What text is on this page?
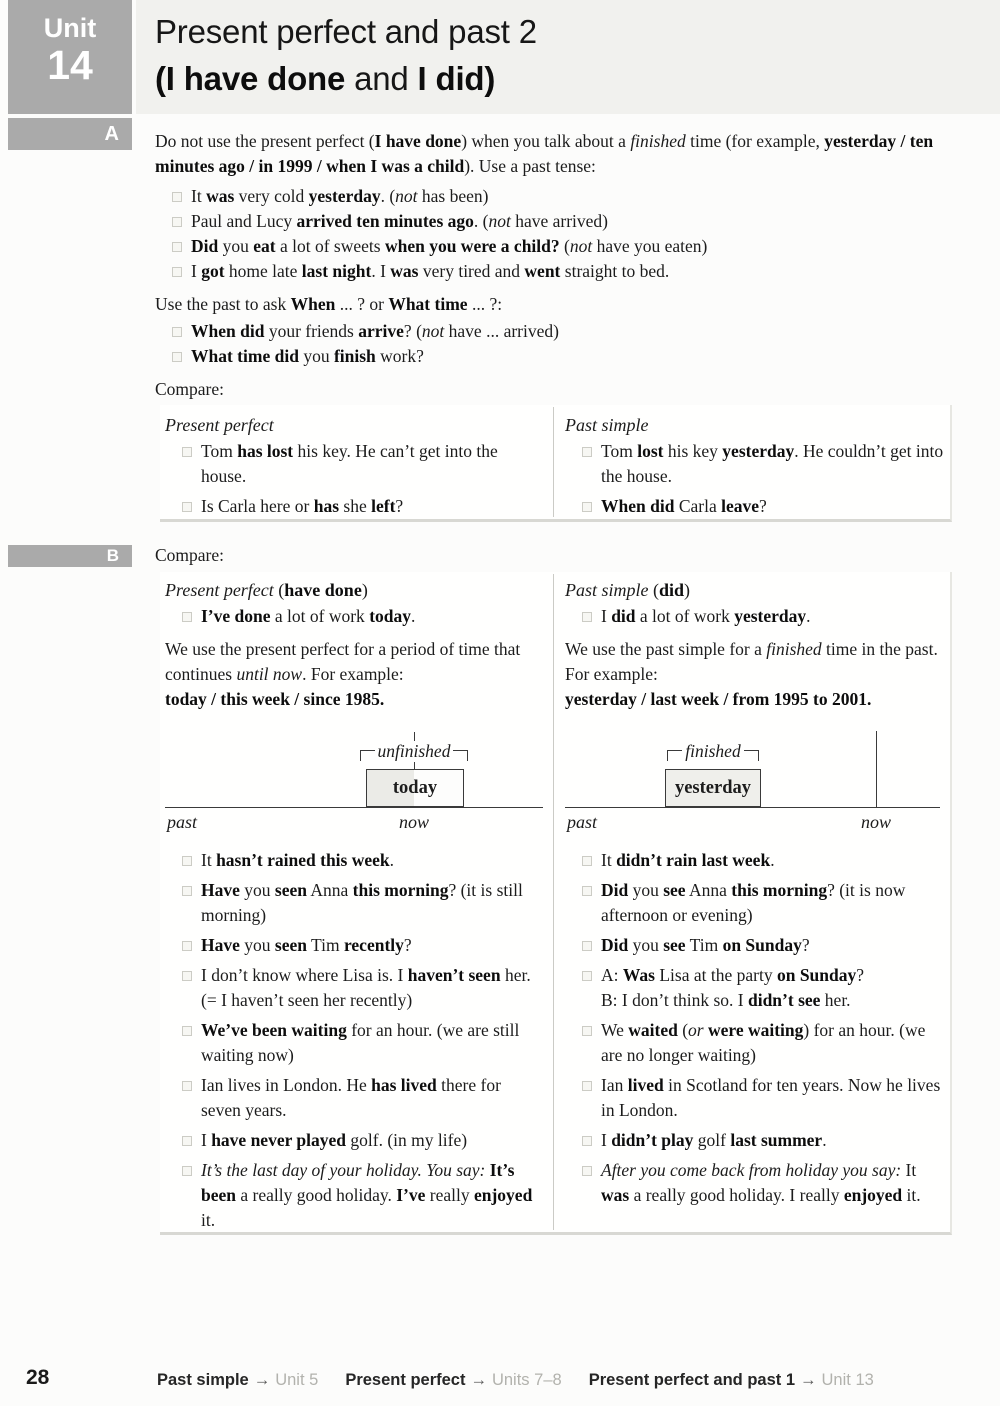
Unit
14
Present perfect and past 2
(I have done and I did)
A	Do not use the present perfect (I have done) when you talk about a finished time (for example, yesterday / ten minutes ago / in 1999 / when I was a child). Use a past tense:

It was very cold yesterday. (not has been)
Paul and Lucy arrived ten minutes ago. (not have arrived)
Did you eat a lot of sweets when you were a child? (not have you eaten)
I got home late last night. I was very tired and went straight to bed.

Use the past to ask When ... ? or What time ... ?:

When did your friends arrive? (not have ... arrived)
What time did you finish work?

Compare:

Present perfect

Tom has lost his key. He can’t get into the house.
Is Carla here or has she left?

Past simple

Tom lost his key yesterday. He couldn’t get into the house.
When did Carla leave?
B	Compare:

Present perfect (have done)

I’ve done a lot of work today.

We use the present perfect for a period of time that continues until now. For example:

today / this week / since 1985.

unfinished
today
past	now
It hasn’t rained this week.
Have you seen Anna this morning? (it is still morning)
Have you seen Tim recently?
I don’t know where Lisa is. I haven’t seen her. (= I haven’t seen her recently)
We’ve been waiting for an hour. (we are still waiting now)
Ian lives in London. He has lived there for seven years.
I have never played golf. (in my life)
It’s the last day of your holiday. You say: It’s been a really good holiday. I’ve really enjoyed it.

Past simple (did)

I did a lot of work yesterday.

We use the past simple for a finished time in the past. For example:

yesterday / last week / from 1995 to 2001.

finished
yesterday
past	now
It didn’t rain last week.
Did you see Anna this morning? (it is now afternoon or evening)
Did you see Tim on Sunday?
A: Was Lisa at the party on Sunday?
B: I don’t think so. I didn’t see her.
We waited (or were waiting) for an hour. (we are no longer waiting)
Ian lived in Scotland for ten years. Now he lives in London.
I didn’t play golf last summer.
After you come back from holiday you say: It was a really good holiday. I really enjoyed it.
28	Past simple → Unit 5 Present perfect → Units 7–8 Present perfect and past 1 → Unit 13
